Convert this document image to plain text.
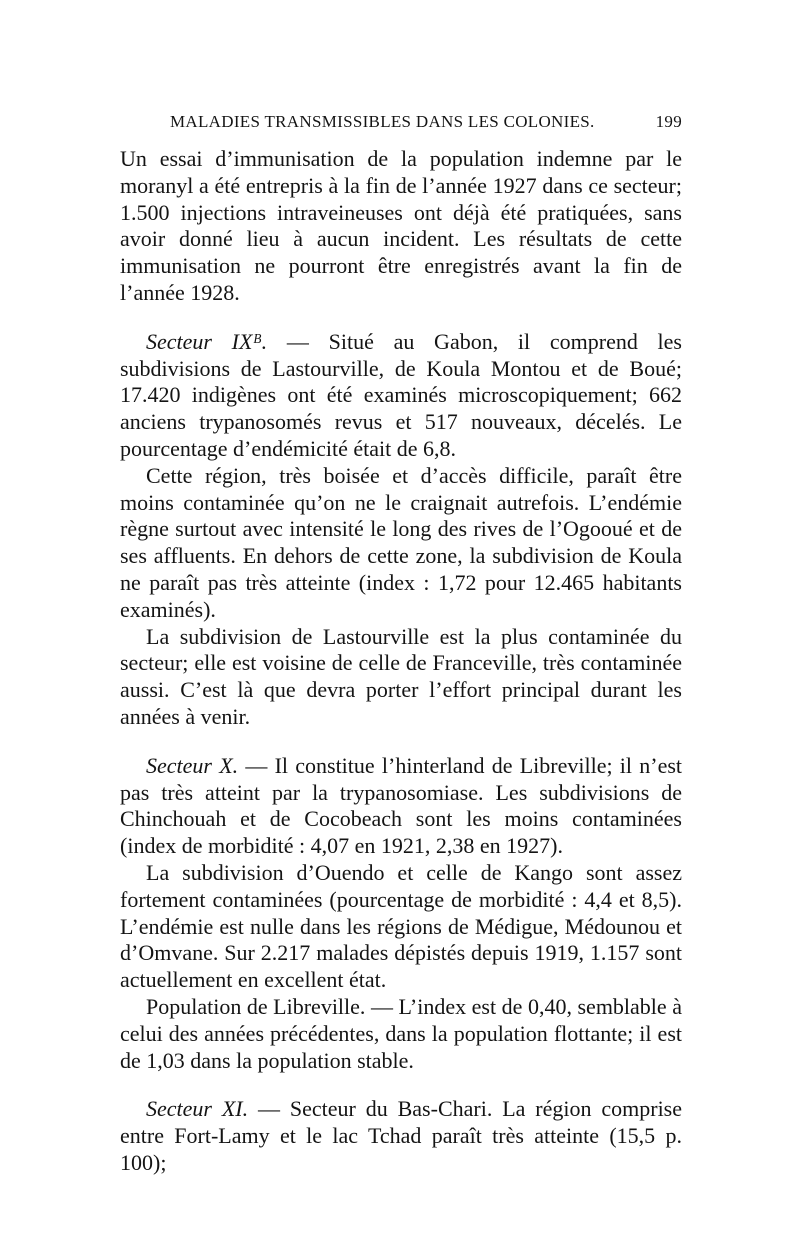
MALADIES TRANSMISSIBLES DANS LES COLONIES.	199

Un essai d’immunisation de la population indemne par le moranyl a été entrepris à la fin de l’année 1927 dans ce secteur; 1.500 injections intraveineuses ont déjà été pratiquées, sans avoir donné lieu à aucun incident. Les résultats de cette immunisation ne pourront être enregistrés avant la fin de l’année 1928.

Secteur IXᴮ. — Situé au Gabon, il comprend les subdivisions de Lastourville, de Koula Montou et de Boué; 17.420 indigènes ont été examinés microscopiquement; 662 anciens trypanosomés revus et 517 nouveaux, décelés. Le pourcentage d’endémicité était de 6,8.

Cette région, très boisée et d’accès difficile, paraît être moins contaminée qu’on ne le craignait autrefois. L’endémie règne surtout avec intensité le long des rives de l’Ogooué et de ses affluents. En dehors de cette zone, la subdivision de Koula ne paraît pas très atteinte (index : 1,72 pour 12.465 habitants examinés).

La subdivision de Lastourville est la plus contaminée du secteur; elle est voisine de celle de Franceville, très contaminée aussi. C’est là que devra porter l’effort principal durant les années à venir.

Secteur X. — Il constitue l’hinterland de Libreville; il n’est pas très atteint par la trypanosomiase. Les subdivisions de Chinchouah et de Cocobeach sont les moins contaminées (index de morbidité : 4,07 en 1921, 2,38 en 1927).

La subdivision d’Ouendo et celle de Kango sont assez fortement contaminées (pourcentage de morbidité : 4,4 et 8,5). L’endémie est nulle dans les régions de Médigue, Médounou et d’Omvane. Sur 2.217 malades dépistés depuis 1919, 1.157 sont actuellement en excellent état.

Population de Libreville. — L’index est de 0,40, semblable à celui des années précédentes, dans la population flottante; il est de 1,03 dans la population stable.

Secteur XI. — Secteur du Bas-Chari. La région comprise entre Fort-Lamy et le lac Tchad paraît très atteinte (15,5 p. 100);
